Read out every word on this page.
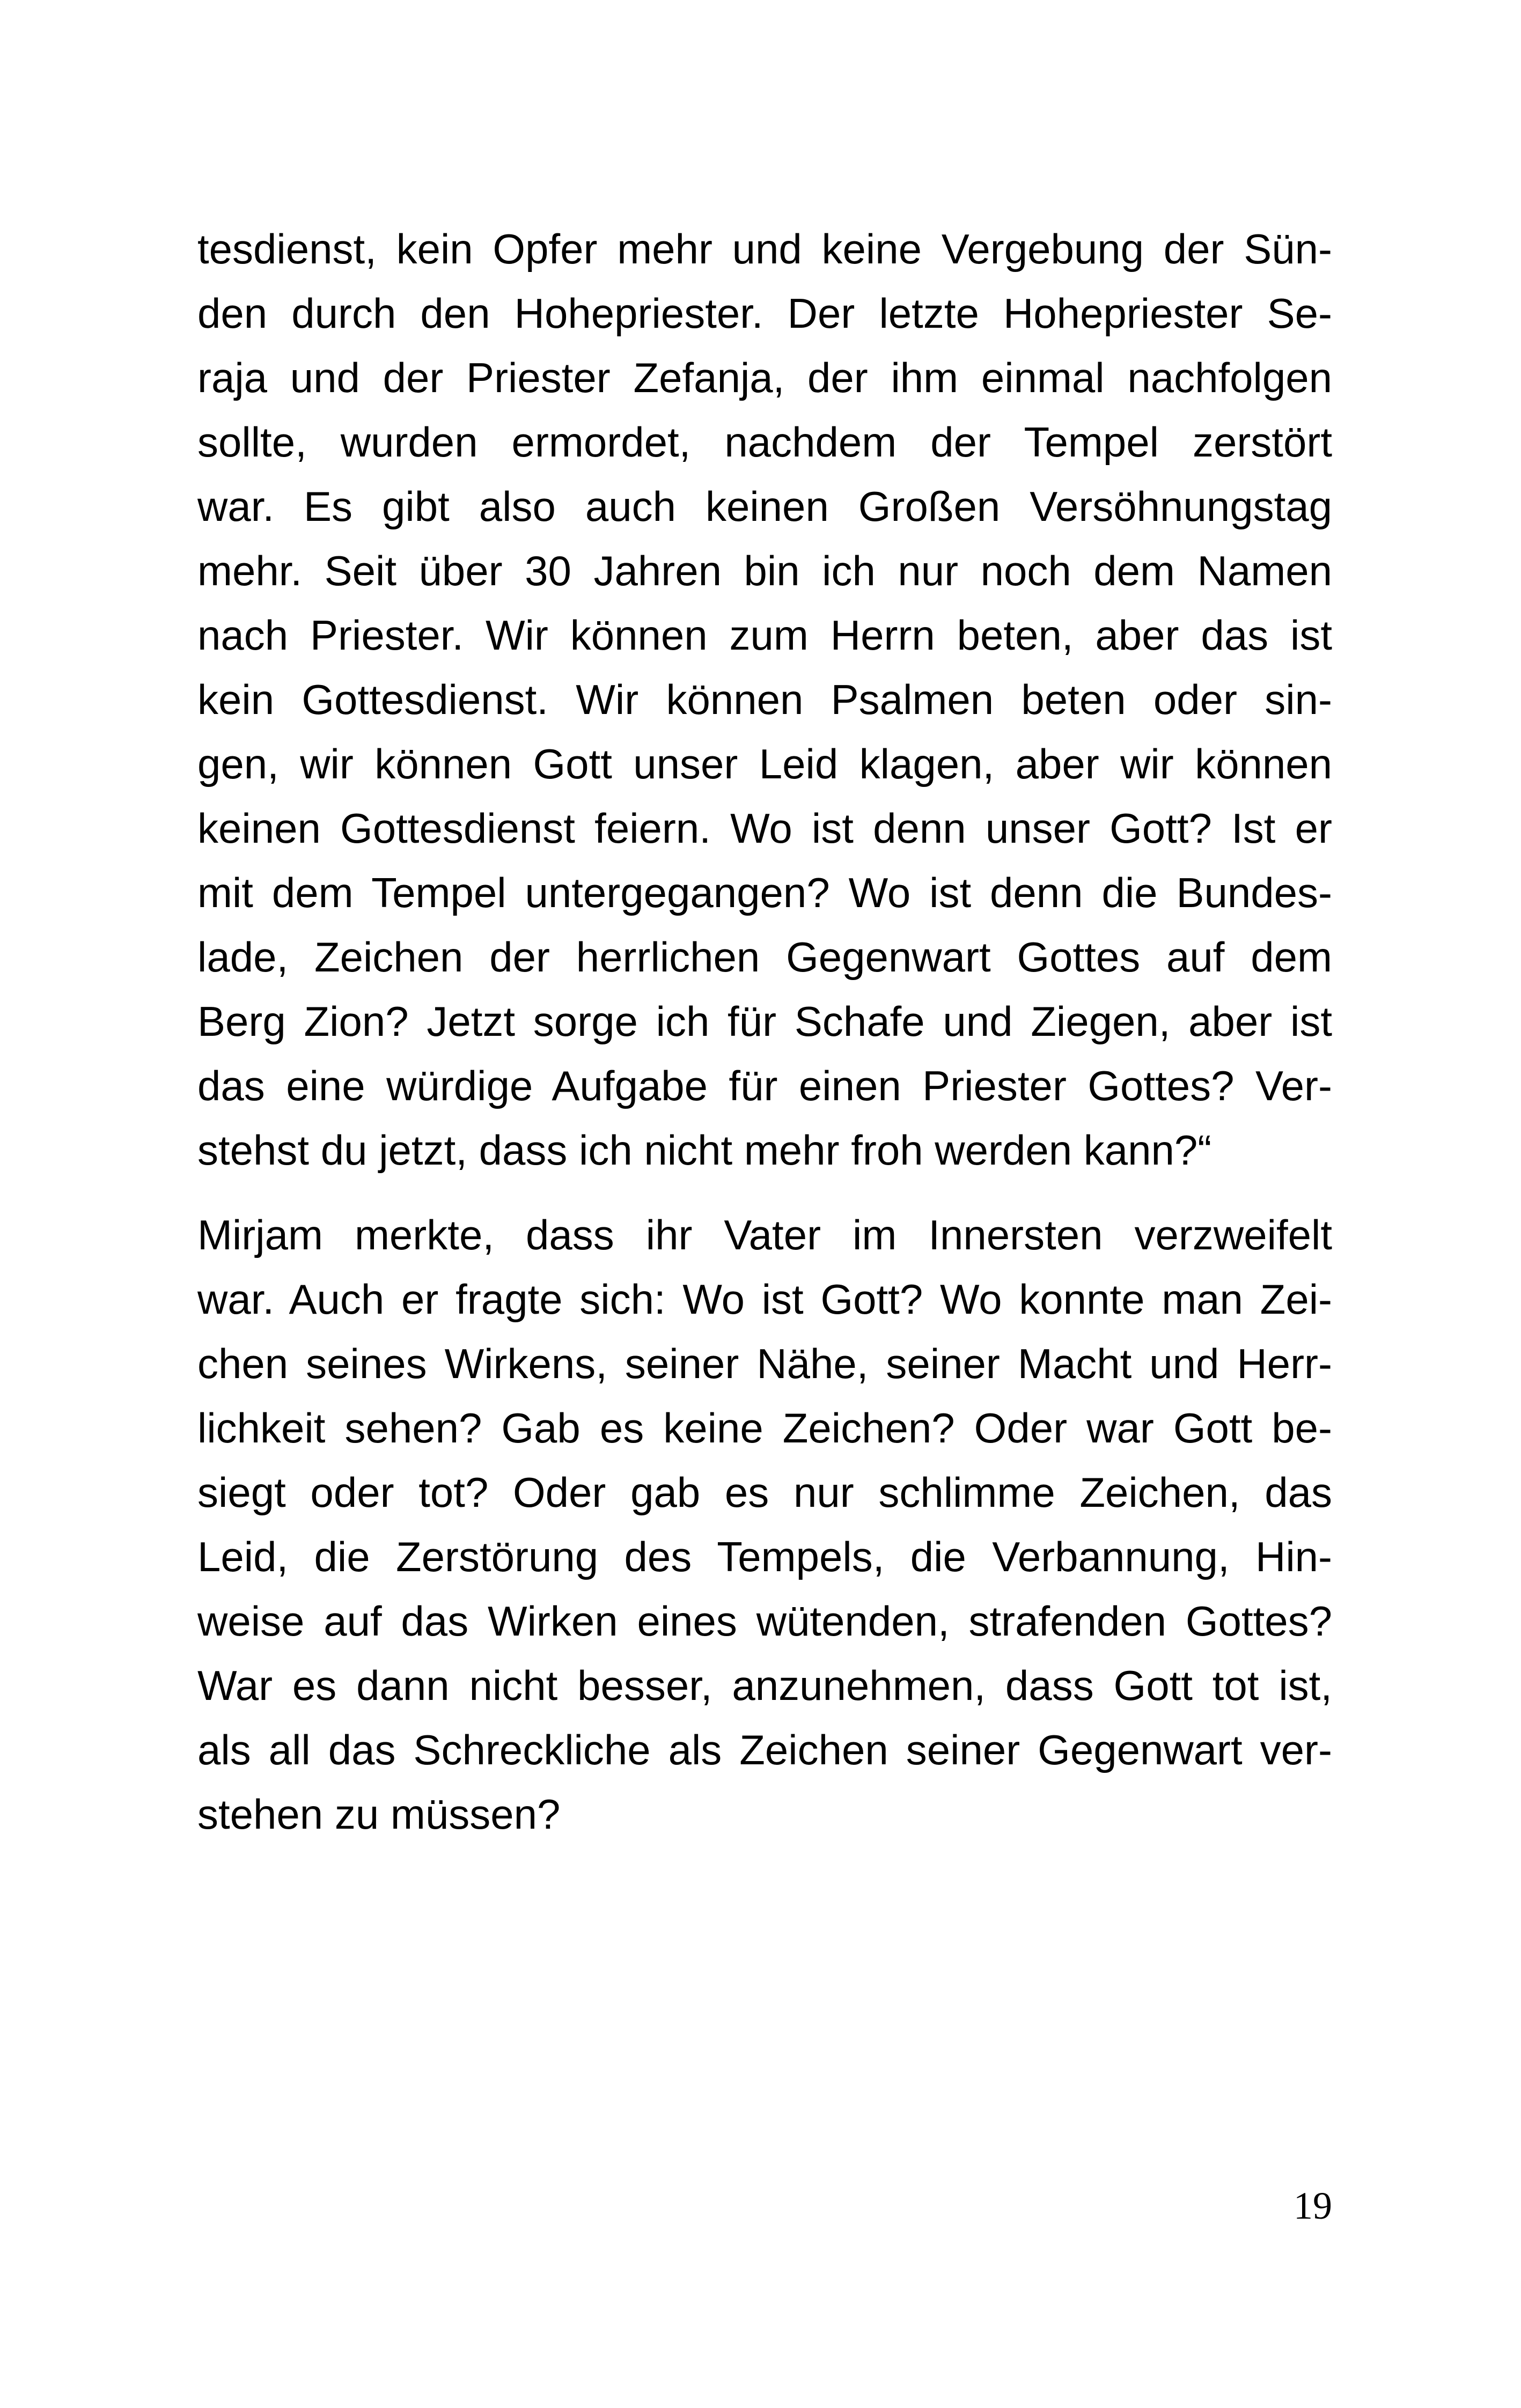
tesdienst, kein Opfer mehr und keine Vergebung der Sün-
den durch den Hohepriester. Der letzte Hohepriester Se-
raja und der Priester Zefanja, der ihm einmal nachfolgen
sollte, wurden ermordet, nachdem der Tempel zerstört
war. Es gibt also auch keinen Großen Versöhnungstag
mehr. Seit über 30 Jahren bin ich nur noch dem Namen
nach Priester. Wir können zum Herrn beten, aber das ist
kein Gottesdienst. Wir können Psalmen beten oder sin-
gen, wir können Gott unser Leid klagen, aber wir können
keinen Gottesdienst feiern. Wo ist denn unser Gott? Ist er
mit dem Tempel untergegangen? Wo ist denn die Bundes-
lade, Zeichen der herrlichen Gegenwart Gottes auf dem
Berg Zion? Jetzt sorge ich für Schafe und Ziegen, aber ist
das eine würdige Aufgabe für einen Priester Gottes? Ver-
stehst du jetzt, dass ich nicht mehr froh werden kann?“
Mirjam merkte, dass ihr Vater im Innersten verzweifelt
war. Auch er fragte sich: Wo ist Gott? Wo konnte man Zei-
chen seines Wirkens, seiner Nähe, seiner Macht und Herr-
lichkeit sehen? Gab es keine Zeichen? Oder war Gott be-
siegt oder tot? Oder gab es nur schlimme Zeichen, das
Leid, die Zerstörung des Tempels, die Verbannung, Hin-
weise auf das Wirken eines wütenden, strafenden Gottes?
War es dann nicht besser, anzunehmen, dass Gott tot ist,
als all das Schreckliche als Zeichen seiner Gegenwart ver-
stehen zu müssen?

19
